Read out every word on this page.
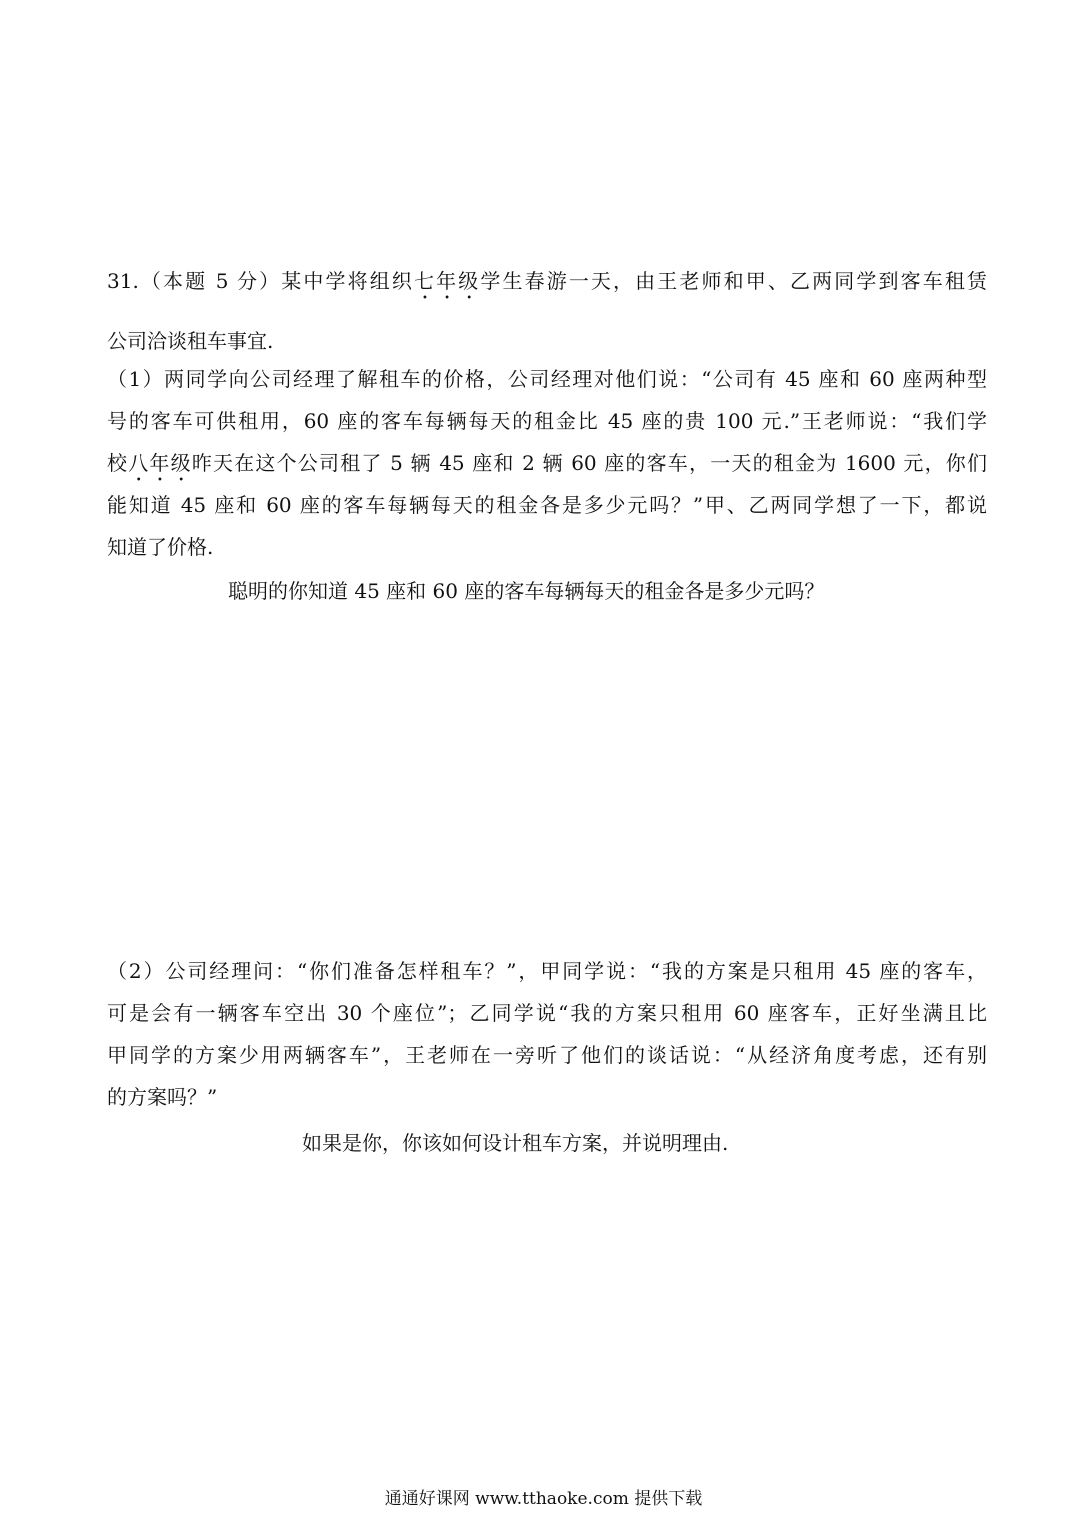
31.（本题 5 分）某中学将组织七年级学生春游一天，由王老师和甲、乙两同学到客车租赁
公司洽谈租车事宜.
（1）两同学向公司经理了解租车的价格，公司经理对他们说：“公司有 45 座和 60 座两种型
号的客车可供租用，60 座的客车每辆每天的租金比 45 座的贵 100 元.”王老师说：“我们学
校八年级昨天在这个公司租了 5 辆 45 座和 2 辆 60 座的客车，一天的租金为 1600 元，你们
能知道 45 座和 60 座的客车每辆每天的租金各是多少元吗？”甲、乙两同学想了一下，都说
知道了价格.
聪明的你知道 45 座和 60 座的客车每辆每天的租金各是多少元吗？
（2）公司经理问：“你们准备怎样租车？”，甲同学说：“我的方案是只租用 45 座的客车，
可是会有一辆客车空出 30 个座位”；乙同学说“我的方案只租用 60 座客车，正好坐满且比
甲同学的方案少用两辆客车”，王老师在一旁听了他们的谈话说：“从经济角度考虑，还有别
的方案吗？”
如果是你，你该如何设计租车方案，并说明理由.
通通好课网 www.tthaoke.com 提供下载
